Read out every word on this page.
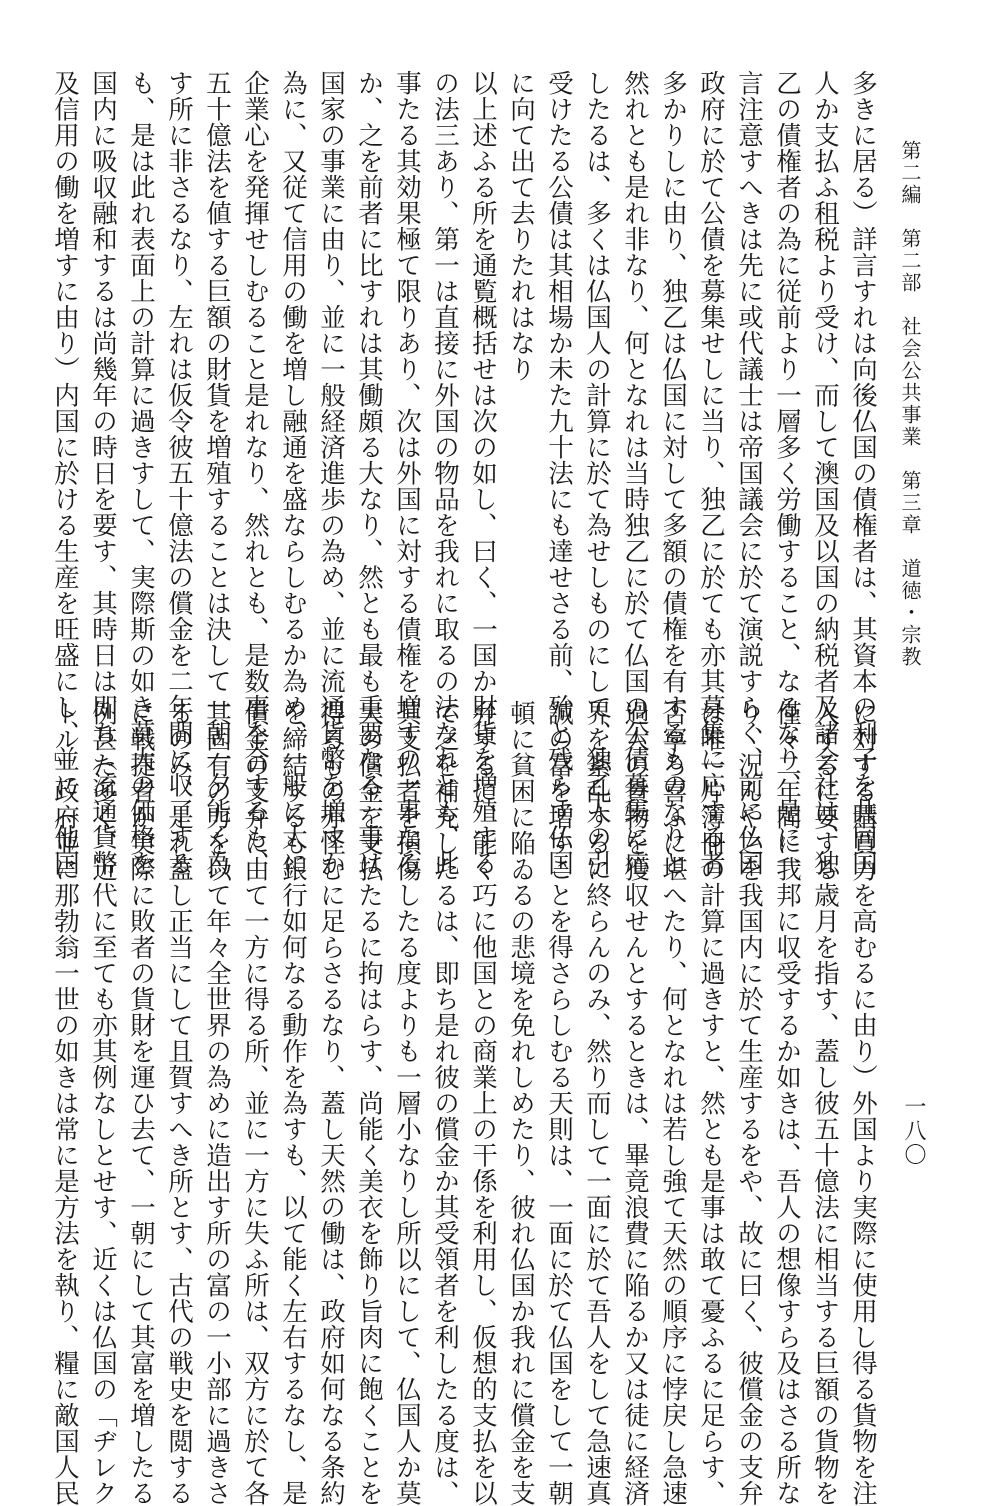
第二編　第二部　社会公共事業　第三章　道徳・宗教
一八〇
多きに居る）詳言すれは向後仏国の債権者は、其資本の利子を共同国
人か支払ふ租税より受け、而して澳国及以国の納税者及諸会社は、独
乙の債権者の為に従前より一層多く労働すること、なるなり、是に一
言注意すへきは先に或代議士は帝国議会に於て演説すらく、前に仏国
政府に於て公債を募集せしに当り、独乙に於ても亦其募集に応する者
多かりしに由り、独乙は仏国に対して多額の債権を有するものなりと
然れとも是れ非なり、何となれは当時独乙に於て仏国の公債募集に応
したるは、多くは仏国人の計算に於て為せしものにして、独乙人の引
受けたる公債は其相場か未た九十法にも達せさる前、殆と残らす仏国
に向て出て去りたれはなり
以上述ふる所を通覧概括せは次の如し、曰く、一国か財貨を増殖する
の法三あり、第一は直接に外国の物品を我れに取るの法なれとも、此
事たる其効果極て限りあり、次は外国に対する債権を増すの一事なる
か、之を前者に比すれは其働頗る大なり、然とも最も重要なる一事は
国家の事業に由り、並に一般経済進歩の為め、並に流通貨幣を増すか
為に、又従て信用の働を増し融通を盛ならしむるか為め、一般に大に
企業心を発揮せしむること是れなり、然れとも、是数事を合するも、
五十億法を値する巨額の財貨を増殖することは決して一朝一夕能く為
す所に非さるなり、左れは仮令彼五十億法の償金を二年間に収了する
も、是は此れ表面上の計算に過きすして、実際斯の如き莫大の価格を
国内に吸収融和するは尚幾年の時日を要す、其時日は即ち（流通貨幣
及信用の働を増すに由り）内国に於ける生産を旺盛にし、並に（他国
に対する購買力を高むるに由り）外国より実際に使用し得る貨物を注
入するに要する歳月を指す、蓋し彼五十億法に相当する巨額の貨物を
僅々二年間に我邦に収受するか如きは、吾人の想像すら及はさる所な
り、況んや之を我国内に於て生産するをや、故に曰く、彼償金の支弁
は唯一片簿冊の計算に過きすと、然とも是事は敢て憂ふるに足らす、
否寧ろ喜ふに堪へたり、何となれは若し強て天然の順序に悖戻し急速
過大の貨物を獲収せんとするときは、畢竟浪費に陥るか又は徒に経済
界を紊乱するに終らんのみ、然り而して一面に於て吾人をして急速真
誠の富を増すことを得さらしむる天則は、一面に於て仏国をして一朝
頓に貧困に陥ゐるの悲境を免れしめたり、彼れ仏国か我れに償金を支
弁するに、能く巧に他国との商業上の干係を利用し、仮想的支払を以
て之を補充したるは、即ち是れ彼の償金か其受領者を利したる度は、
其支払者を損傷したる度よりも一層小なりし所以にして、仏国人か莫
大の償金を支払たるに拘はらす、尚能く美衣を飾り旨肉に飽くことを
得るもの亦怪むに足らさるなり、蓋し天然の働は、政府如何なる条約
を締結するも銀行如何なる動作を為すも、以て能く左右するなし、是
償金の支弁に由て一方に得る所、並に一方に失ふ所は、双方に於て各
其固有の力を以て年々全世界の為めに造出す所の富の一小部に過きさ
るのみ、是れ蓋し正当にして且賀すへき所とす、古代の戦史を閲する
に戦捷者か実際に敗者の貨財を運ひ去て、一朝にして其富を増したる
例甚た多く、近代に至ても亦其例なしとせす、近くは仏国の「ヂレク
トル」政府並に那勃翁一世の如きは常に是方法を執り、糧に敵国人民
